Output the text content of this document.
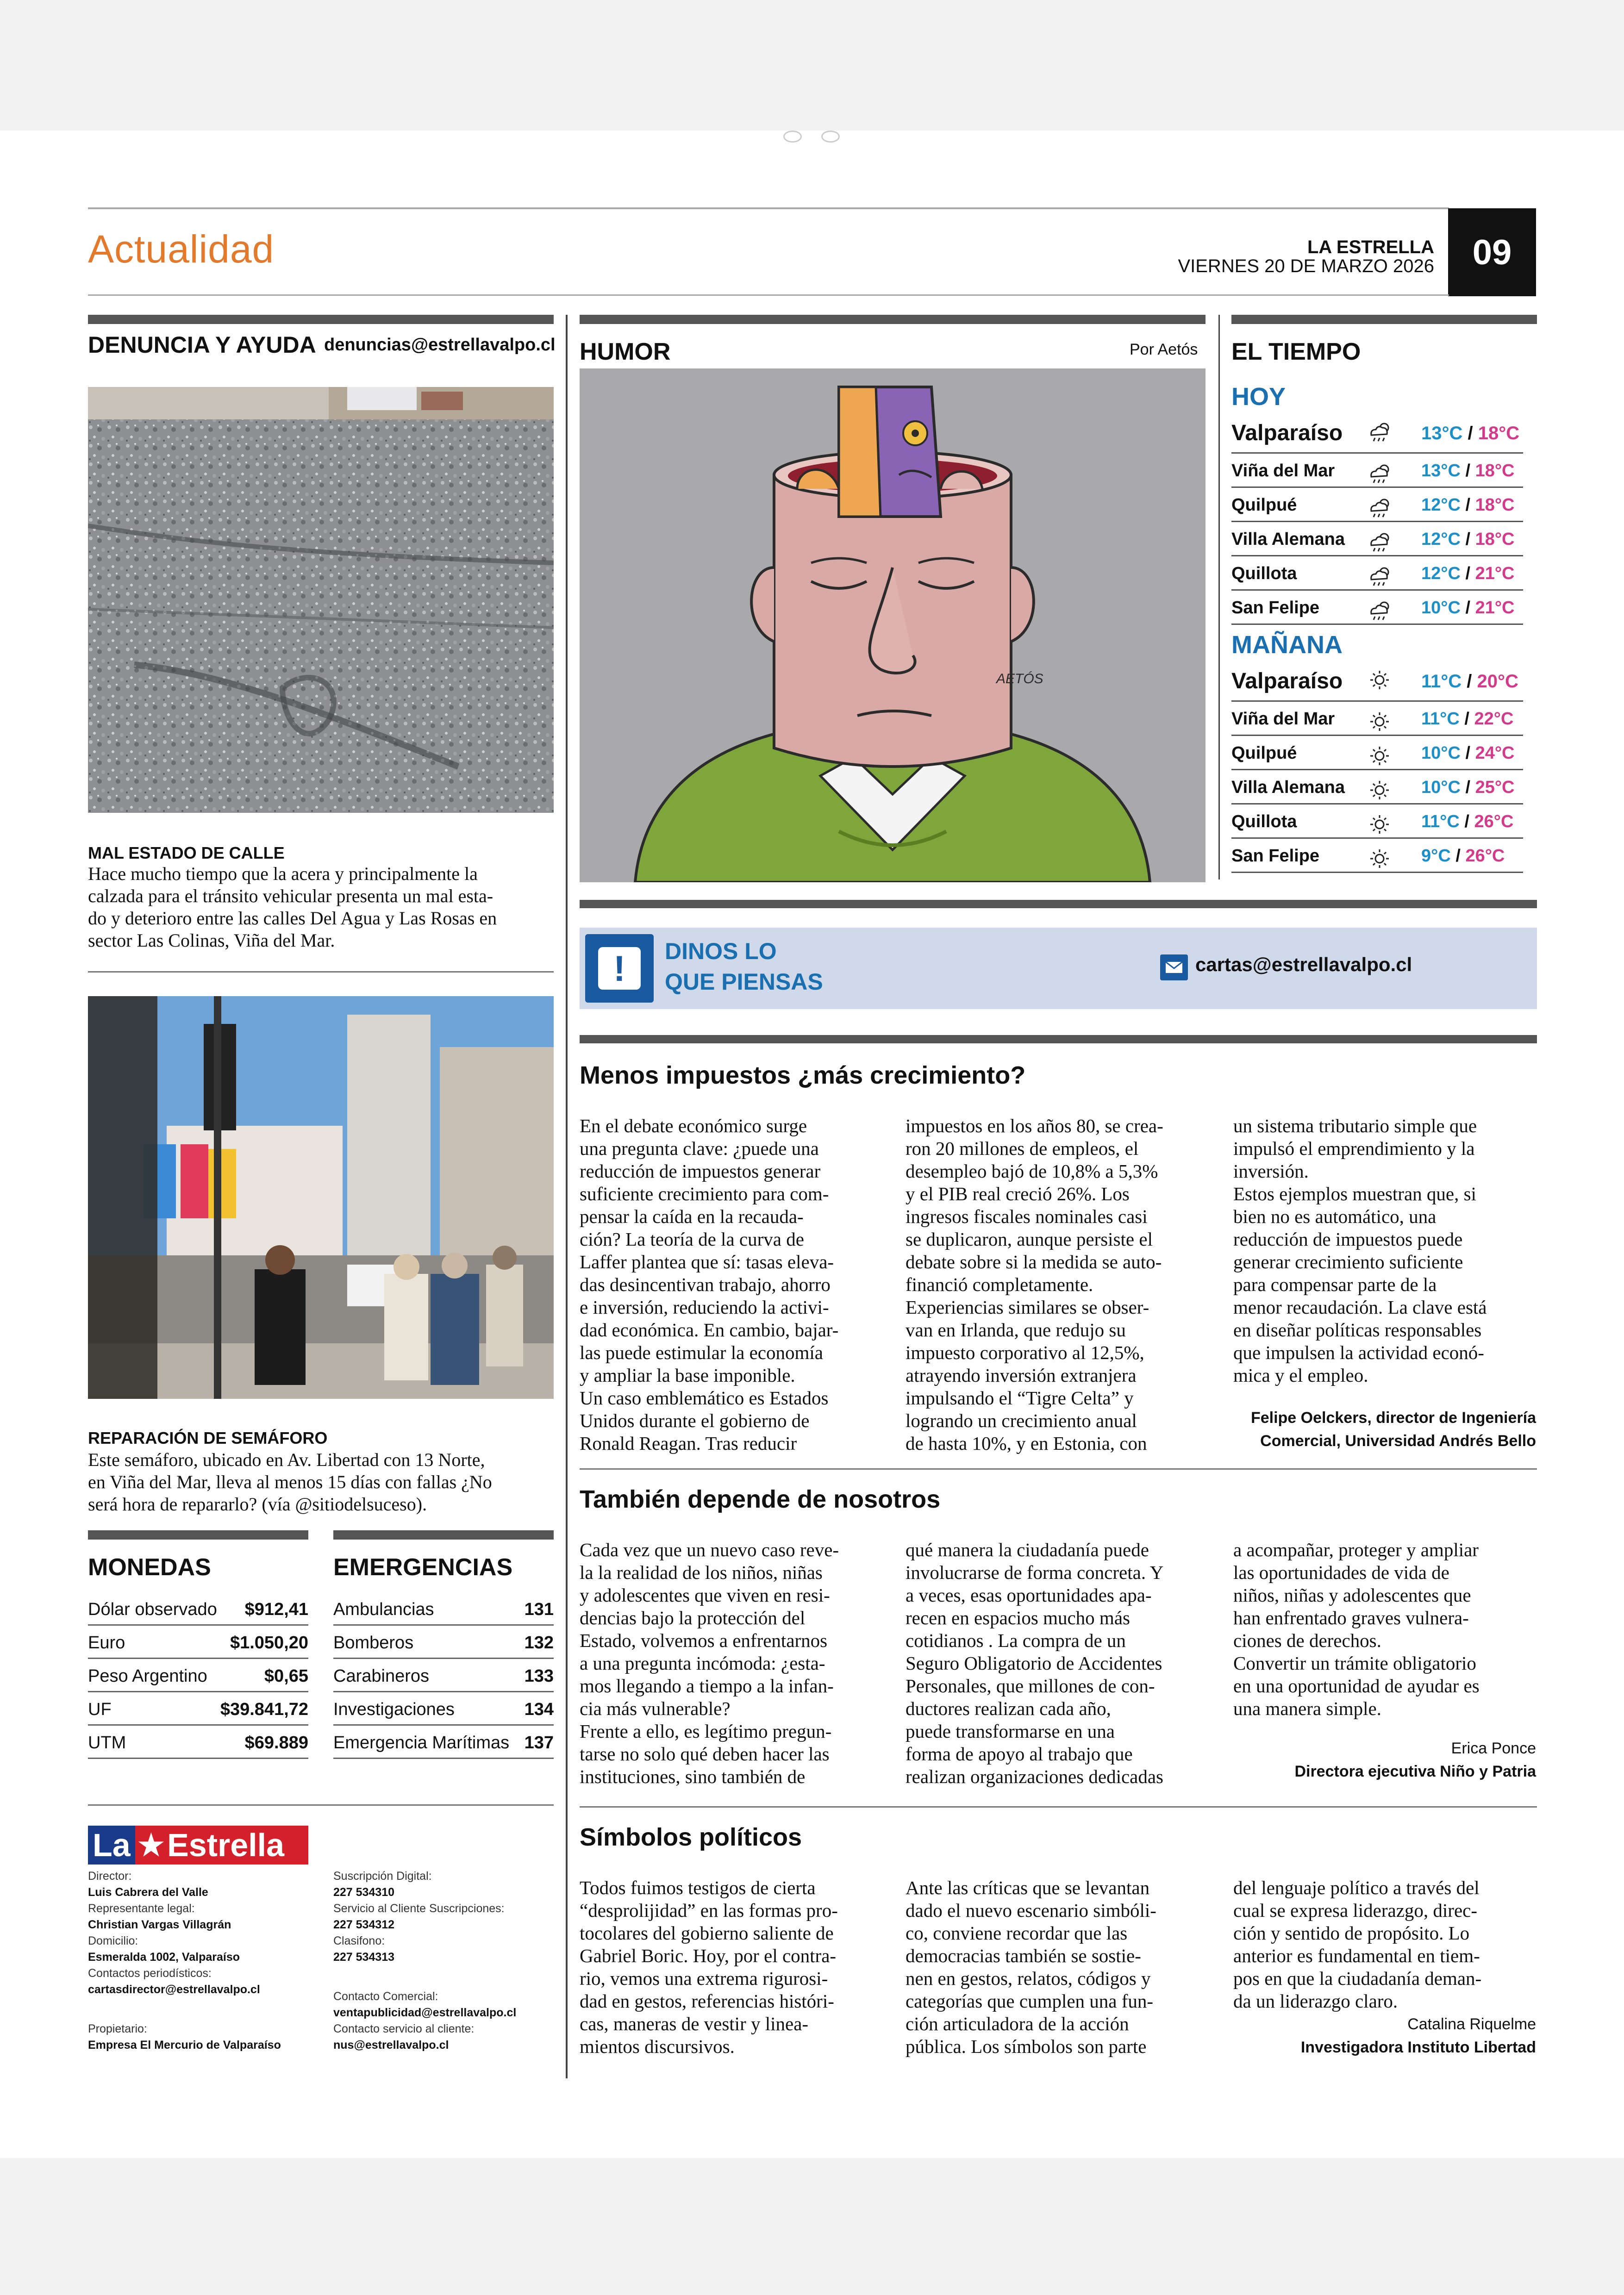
Actualidad	LA ESTRELLA
VIERNES 20 DE MARZO 2026	09
DENUNCIA Y AYUDA denuncias@estrellavalpo.cl
MAL ESTADO DE CALLE
Hace mucho tiempo que la acera y principalmente la
calzada para el tránsito vehicular presenta un mal esta-
do y deterioro entre las calles Del Agua y Las Rosas en
sector Las Colinas, Viña del Mar.
REPARACIÓN DE SEMÁFORO
Este semáforo, ubicado en Av. Libertad con 13 Norte,
en Viña del Mar, lleva al menos 15 días con fallas ¿No
será hora de repararlo? (vía @sitiodelsuceso).
MONEDAS	EMERGENCIAS
Dólar observado $912,41
Euro	$1.050,20
Peso Argentino	$0,65
UF	$39.841,72
UTM	$69.889
Ambulancias	131
Bomberos	132
Carabineros	133
Investigaciones	134
Emergencia Marítimas 137
La ★ Estrella
Director:
Luis Cabrera del Valle
Representante legal:
Christian Vargas Villagrán
Domicilio:
Esmeralda 1002, Valparaíso
Contactos periodísticos:
cartasdirector@estrellavalpo.cl
Propietario:
Empresa El Mercurio de Valparaíso
Suscripción Digital:
227 534310
Servicio al Cliente Suscripciones:
227 534312
Clasifono:
227 534313
Contacto Comercial:
ventapublicidad@estrellavalpo.cl
Contacto servicio al cliente:
nus@estrellavalpo.cl
HUMOR	Por Aetós
AETÓS
EL TIEMPO
HOY
Valparaíso	13°C / 18°C
Viña del Mar	13°C / 18°C
Quilpué	12°C / 18°C
Villa Alemana	12°C / 18°C
Quillota	12°C / 21°C
San Felipe	10°C / 21°C
MAÑANA
Valparaíso	11°C / 20°C
Viña del Mar	11°C / 22°C
Quilpué	10°C / 24°C
Villa Alemana	10°C / 25°C
Quillota	11°C / 26°C
San Felipe	9°C / 26°C
!	DINOS LO
QUE PIENSAS
cartas@estrellavalpo.cl
Menos impuestos ¿más crecimiento?
En el debate económico surge
una pregunta clave: ¿puede una
reducción de impuestos generar
suficiente crecimiento para com-
pensar la caída en la recauda-
ción? La teoría de la curva de
Laffer plantea que sí: tasas eleva-
das desincentivan trabajo, ahorro
e inversión, reduciendo la activi-
dad económica. En cambio, bajar-
las puede estimular la economía
y ampliar la base imponible.
Un caso emblemático es Estados
Unidos durante el gobierno de
Ronald Reagan. Tras reducir
impuestos en los años 80, se crea-
ron 20 millones de empleos, el
desempleo bajó de 10,8% a 5,3%
y el PIB real creció 26%. Los
ingresos fiscales nominales casi
se duplicaron, aunque persiste el
debate sobre si la medida se auto-
financió completamente.
Experiencias similares se obser-
van en Irlanda, que redujo su
impuesto corporativo al 12,5%,
atrayendo inversión extranjera
impulsando el “Tigre Celta” y
logrando un crecimiento anual
de hasta 10%, y en Estonia, con
un sistema tributario simple que
impulsó el emprendimiento y la
inversión.
Estos ejemplos muestran que, si
bien no es automático, una
reducción de impuestos puede
generar crecimiento suficiente
para compensar parte de la
menor recaudación. La clave está
en diseñar políticas responsables
que impulsen la actividad econó-
mica y el empleo.
Felipe Oelckers, director de Ingeniería
Comercial, Universidad Andrés Bello
También depende de nosotros
Cada vez que un nuevo caso reve-
la la realidad de los niños, niñas
y adolescentes que viven en resi-
dencias bajo la protección del
Estado, volvemos a enfrentarnos
a una pregunta incómoda: ¿esta-
mos llegando a tiempo a la infan-
cia más vulnerable?
Frente a ello, es legítimo pregun-
tarse no solo qué deben hacer las
instituciones, sino también de
qué manera la ciudadanía puede
involucrarse de forma concreta. Y
a veces, esas oportunidades apa-
recen en espacios mucho más
cotidianos . La compra de un
Seguro Obligatorio de Accidentes
Personales, que millones de con-
ductores realizan cada año,
puede transformarse en una
forma de apoyo al trabajo que
realizan organizaciones dedicadas
a acompañar, proteger y ampliar
las oportunidades de vida de
niños, niñas y adolescentes que
han enfrentado graves vulnera-
ciones de derechos.
Convertir un trámite obligatorio
en una oportunidad de ayudar es
una manera simple.
Erica Ponce
Directora ejecutiva Niño y Patria
Símbolos políticos
Todos fuimos testigos de cierta
“desprolijidad” en las formas pro-
tocolares del gobierno saliente de
Gabriel Boric. Hoy, por el contra-
rio, vemos una extrema rigurosi-
dad en gestos, referencias históri-
cas, maneras de vestir y linea-
mientos discursivos.
Ante las críticas que se levantan
dado el nuevo escenario simbóli-
co, conviene recordar que las
democracias también se sostie-
nen en gestos, relatos, códigos y
categorías que cumplen una fun-
ción articuladora de la acción
pública. Los símbolos son parte
del lenguaje político a través del
cual se expresa liderazgo, direc-
ción y sentido de propósito. Lo
anterior es fundamental en tiem-
pos en que la ciudadanía deman-
da un liderazgo claro.
Catalina Riquelme
Investigadora Instituto Libertad
